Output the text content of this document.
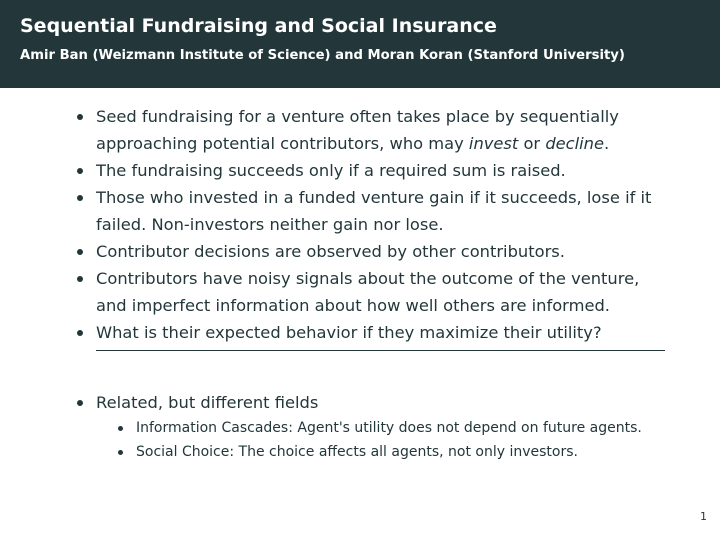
Sequential Fundraising and Social Insurance
Amir Ban (Weizmann Institute of Science) and Moran Koran (Stanford University)
Seed fundraising for a venture often takes place by sequentially approaching potential contributors, who may invest or decline.
The fundraising succeeds only if a required sum is raised.
Those who invested in a funded venture gain if it succeeds, lose if it failed. Non-investors neither gain nor lose.
Contributor decisions are observed by other contributors.
Contributors have noisy signals about the outcome of the venture, and imperfect information about how well others are informed.
What is their expected behavior if they maximize their utility?
Related, but different fields
Information Cascades: Agent's utility does not depend on future agents.
Social Choice: The choice affects all agents, not only investors.
1
